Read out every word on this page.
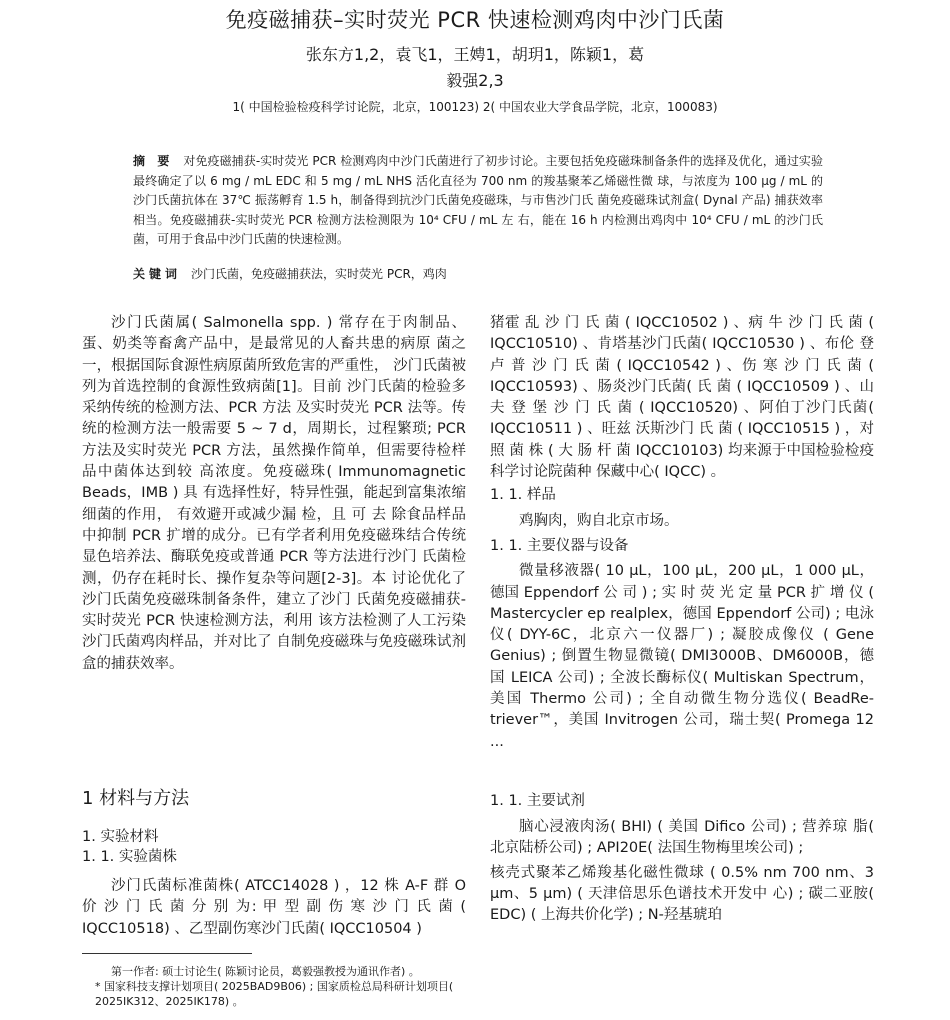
免疫磁捕获–实时荧光 PCR 快速检测鸡肉中沙门氏菌
张东方1,2，袁飞1，王娉1，胡玥1，陈颖1，葛
毅强2,3
1( 中国检验检疫科学讨论院，北京，100123) 2( 中国农业大学食品学院，北京，100083)
摘 要 对免疫磁捕获-实时荧光 PCR 检测鸡肉中沙门氏菌进行了初步讨论。主要包括免疫磁珠制备条件的选择及优化，通过实验最终确定了以 6 mg / mL EDC 和 5 mg / mL NHS 活化直径为 700 nm 的羧基聚苯乙烯磁性微 球，与浓度为 100 μg / mL 的沙门氏菌抗体在 37℃ 振荡孵育 1.5 h，制备得到抗沙门氏菌免疫磁珠，与市售沙门氏 菌免疫磁珠试剂盒( Dynal 产品) 捕获效率相当。免疫磁捕获-实时荧光 PCR 检测方法检测限为 10⁴ CFU / mL 左 右，能在 16 h 内检测出鸡肉中 10⁴ CFU / mL 的沙门氏菌，可用于食品中沙门氏菌的快速检测。
关键词 沙门氏菌，免疫磁捕获法，实时荧光 PCR，鸡肉
沙门氏菌属( Salmonella spp. ) 常存在于肉制品、蛋、奶类等畜禽产品中，是最常见的人畜共患的病原 菌之一，根据国际食源性病原菌所致危害的严重性， 沙门氏菌被列为首选控制的食源性致病菌[1]。目前 沙门氏菌的检验多采纳传统的检测方法、PCR 方法 及实时荧光 PCR 法等。传统的检测方法一般需要 5 ~ 7 d，周期长，过程繁琐; PCR 方法及实时荧光 PCR 方法，虽然操作简单，但需要待检样品中菌体达到较 高浓度。免疫磁珠( Immunomagnetic Beads，IMB ) 具 有选择性好，特异性强，能起到富集浓缩细菌的作用， 有效避开或减少漏 检，且 可 去 除食品样品中抑制 PCR 扩增的成分。已有学者利用免疫磁珠结合传统 显色培养法、酶联免疫或普通 PCR 等方法进行沙门 氏菌检测，仍存在耗时长、操作复杂等问题[2-3]。本 讨论优化了沙门氏菌免疫磁珠制备条件，建立了沙门 氏菌免疫磁捕获-实时荧光 PCR 快速检测方法，利用 该方法检测了人工污染沙门氏菌鸡肉样品，并对比了 自制免疫磁珠与免疫磁珠试剂盒的捕获效率。
1 材料与方法
1. 实验材料
1. 1. 实验菌株
沙门氏菌标准菌株( ATCC14028 ) ，12 株 A-F 群 O 价 沙 门 氏 菌 分 别 为: 甲 型 副 伤 寒 沙 门 氏 菌 ( IQCC10518) 、乙型副伤寒沙门氏菌( IQCC10504 )
第一作者: 硕士讨论生( 陈颖讨论员，葛毅强教授为通讯作者) 。
* 国家科技支撑计划项目( 2025BAD9B06) ; 国家质检总局科研计划项目( 2025IK312、2025IK178) 。
猪霍 乱 沙 门 氏 菌 ( IQCC10502 ) 、病 牛 沙 门 氏 菌 ( IQCC10510) 、肯塔基沙门氏菌( IQCC10530 ) 、布伦 登卢 普 沙 门 氏 菌 ( IQCC10542 ) 、伤 寒 沙 门 氏 菌 ( IQCC10593) 、肠炎沙门氏菌( 氏 菌 ( IQCC10509 ) 、山 夫 登 堡 沙 门 氏 菌 ( IQCC10520) 、阿伯丁沙门氏菌( IQCC10511 ) 、旺兹 沃斯沙门 氏 菌 ( IQCC10515 ) ，对 照 菌 株 ( 大 肠 杆 菌 IQCC10103) 均来源于中国检验检疫科学讨论院菌种 保藏中心( IQCC) 。
1. 1. 样品
鸡胸肉，购自北京市场。
1. 1. 主要仪器与设备
微量移液器( 10 μL，100 μL，200 μL，1 000 μL， 德国 Eppendorf 公 司 ) ; 实 时 荧 光 定 量 PCR 扩 增 仪 ( Mastercycler ep realplex，德国 Eppendorf 公司) ; 电泳 仪( DYY-6C，北京六一仪器厂) ; 凝胶成像仪 ( Gene Genius) ; 倒置生物显微镜( DMI3000B、DM6000B，德 国 LEICA 公司) ; 全波长酶标仪( Multiskan Spectrum， 美国 Thermo 公司) ; 全自动微生物分选仪( BeadRe- triever™，美国 Invitrogen 公司，瑞士契( Promega 12 ...
1. 1. 主要试剂
脑心浸液肉汤( BHI) ( 美国 Difico 公司) ; 营养琼 脂( 北京陆桥公司) ; API20E( 法国生物梅里埃公司) ;
核壳式聚苯乙烯羧基化磁性微球 ( 0.5% nm 700 nm、3 μm、5 μm) ( 天津倍思乐色谱技术开发中 心) ; 碳二亚胺( EDC) ( 上海共价化学) ; N-羟基琥珀
